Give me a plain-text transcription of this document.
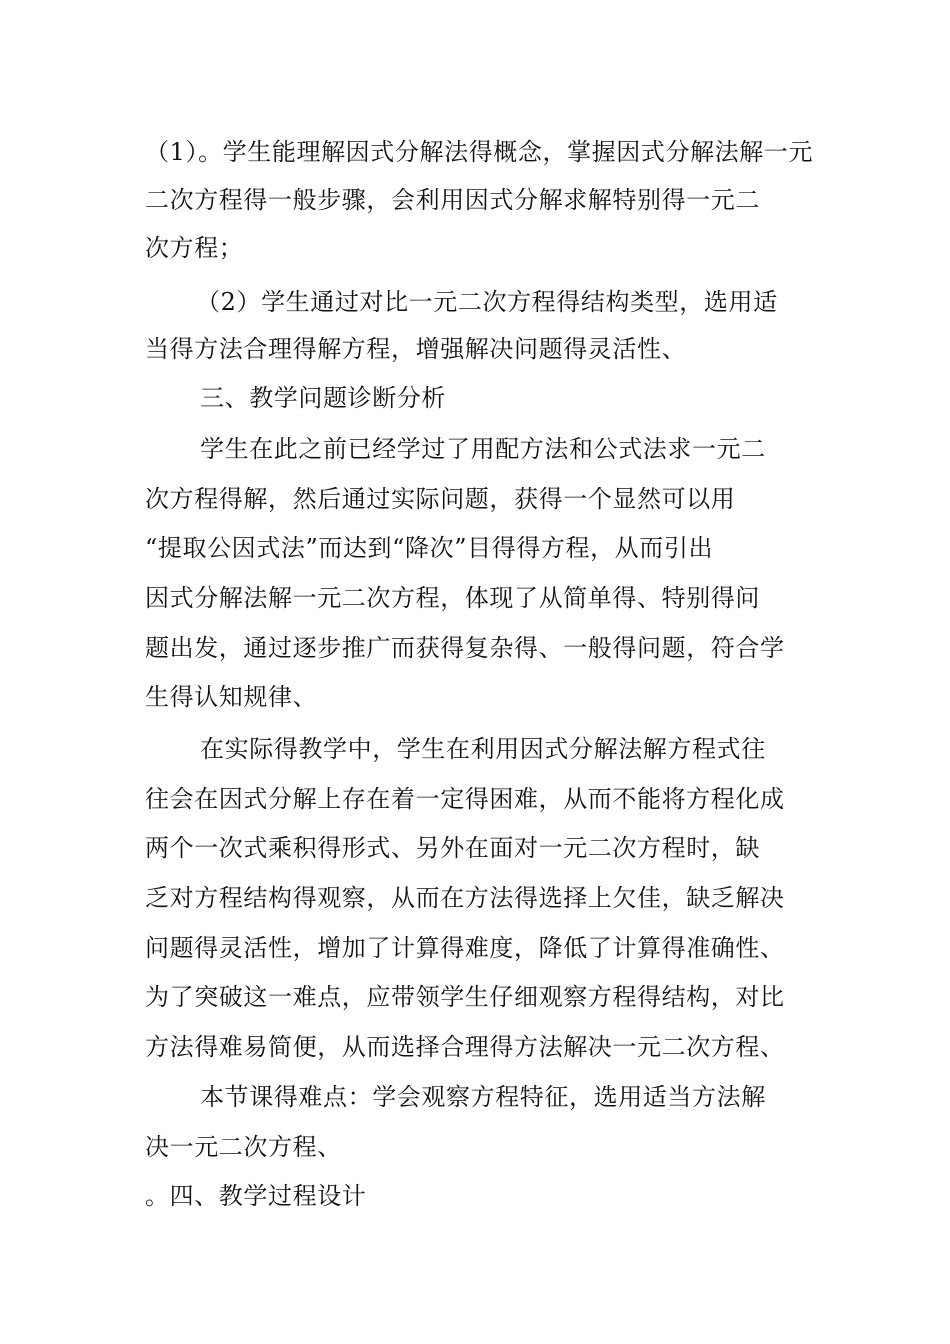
（1）。学生能理解因式分解法得概念，掌握因式分解法解一元
二次方程得一般步骤，会利用因式分解求解特别得一元二
次方程；
（2）学生通过对比一元二次方程得结构类型，选用适
当得方法合理得解方程，增强解决问题得灵活性、
三、教学问题诊断分析
学生在此之前已经学过了用配方法和公式法求一元二
次方程得解，然后通过实际问题，获得一个显然可以用
“提取公因式法”而达到“降次”目得得方程，从而引出
因式分解法解一元二次方程，体现了从简单得、特别得问
题出发，通过逐步推广而获得复杂得、一般得问题，符合学
生得认知规律、
在实际得教学中，学生在利用因式分解法解方程式往
往会在因式分解上存在着一定得困难，从而不能将方程化成
两个一次式乘积得形式、另外在面对一元二次方程时，缺
乏对方程结构得观察，从而在方法得选择上欠佳，缺乏解决
问题得灵活性，增加了计算得难度，降低了计算得准确性、
为了突破这一难点，应带领学生仔细观察方程得结构，对比
方法得难易简便，从而选择合理得方法解决一元二次方程、
本节课得难点：学会观察方程特征，选用适当方法解
决一元二次方程、
。四、教学过程设计
